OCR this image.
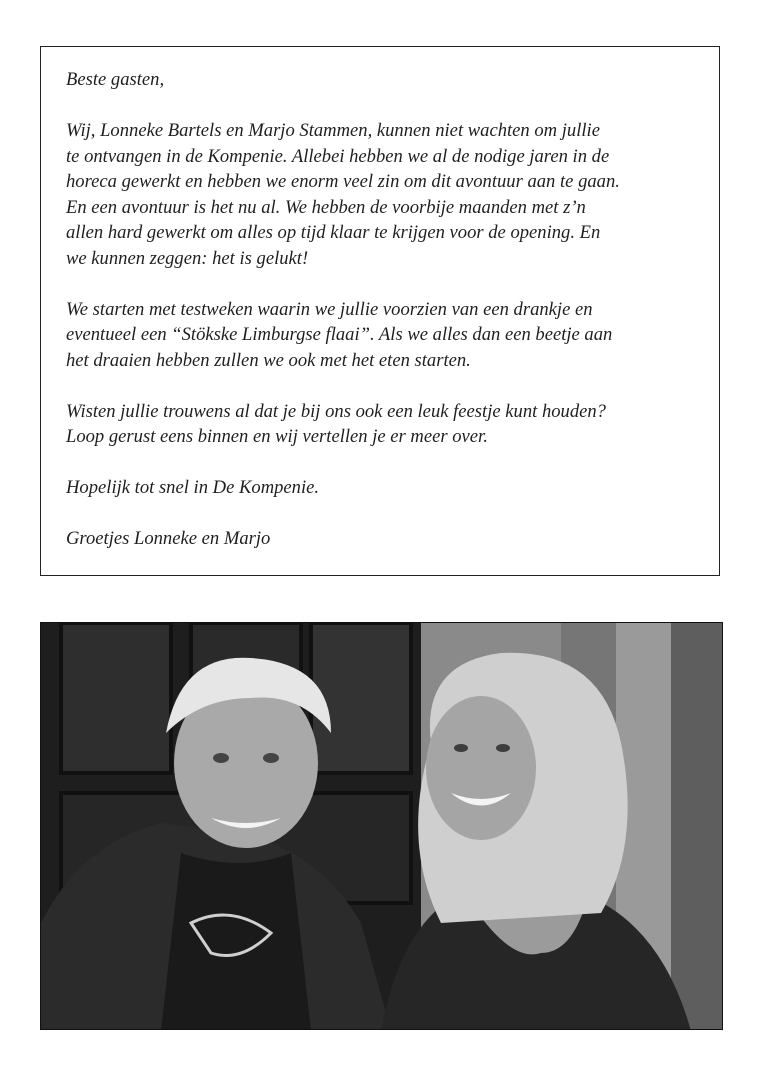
Beste gasten,

Wij, Lonneke Bartels en Marjo Stammen, kunnen niet wachten om jullie
te ontvangen in de Kompenie. Allebei hebben we al de nodige jaren in de
horeca gewerkt en hebben we enorm veel zin om dit avontuur aan te gaan.
En een avontuur is het nu al. We hebben de voorbije maanden met z’n
allen hard gewerkt om alles op tijd klaar te krijgen voor de opening. En
we kunnen zeggen: het is gelukt!

We starten met testweken waarin we jullie voorzien van een drankje en
eventueel een “Stökske Limburgse flaai”. Als we alles dan een beetje aan
het draaien hebben zullen we ook met het eten starten.

Wisten jullie trouwens al dat je bij ons ook een leuk feestje kunt houden?
Loop gerust eens binnen en wij vertellen je er meer over.

Hopelijk tot snel in De Kompenie.

Groetjes Lonneke en Marjo
